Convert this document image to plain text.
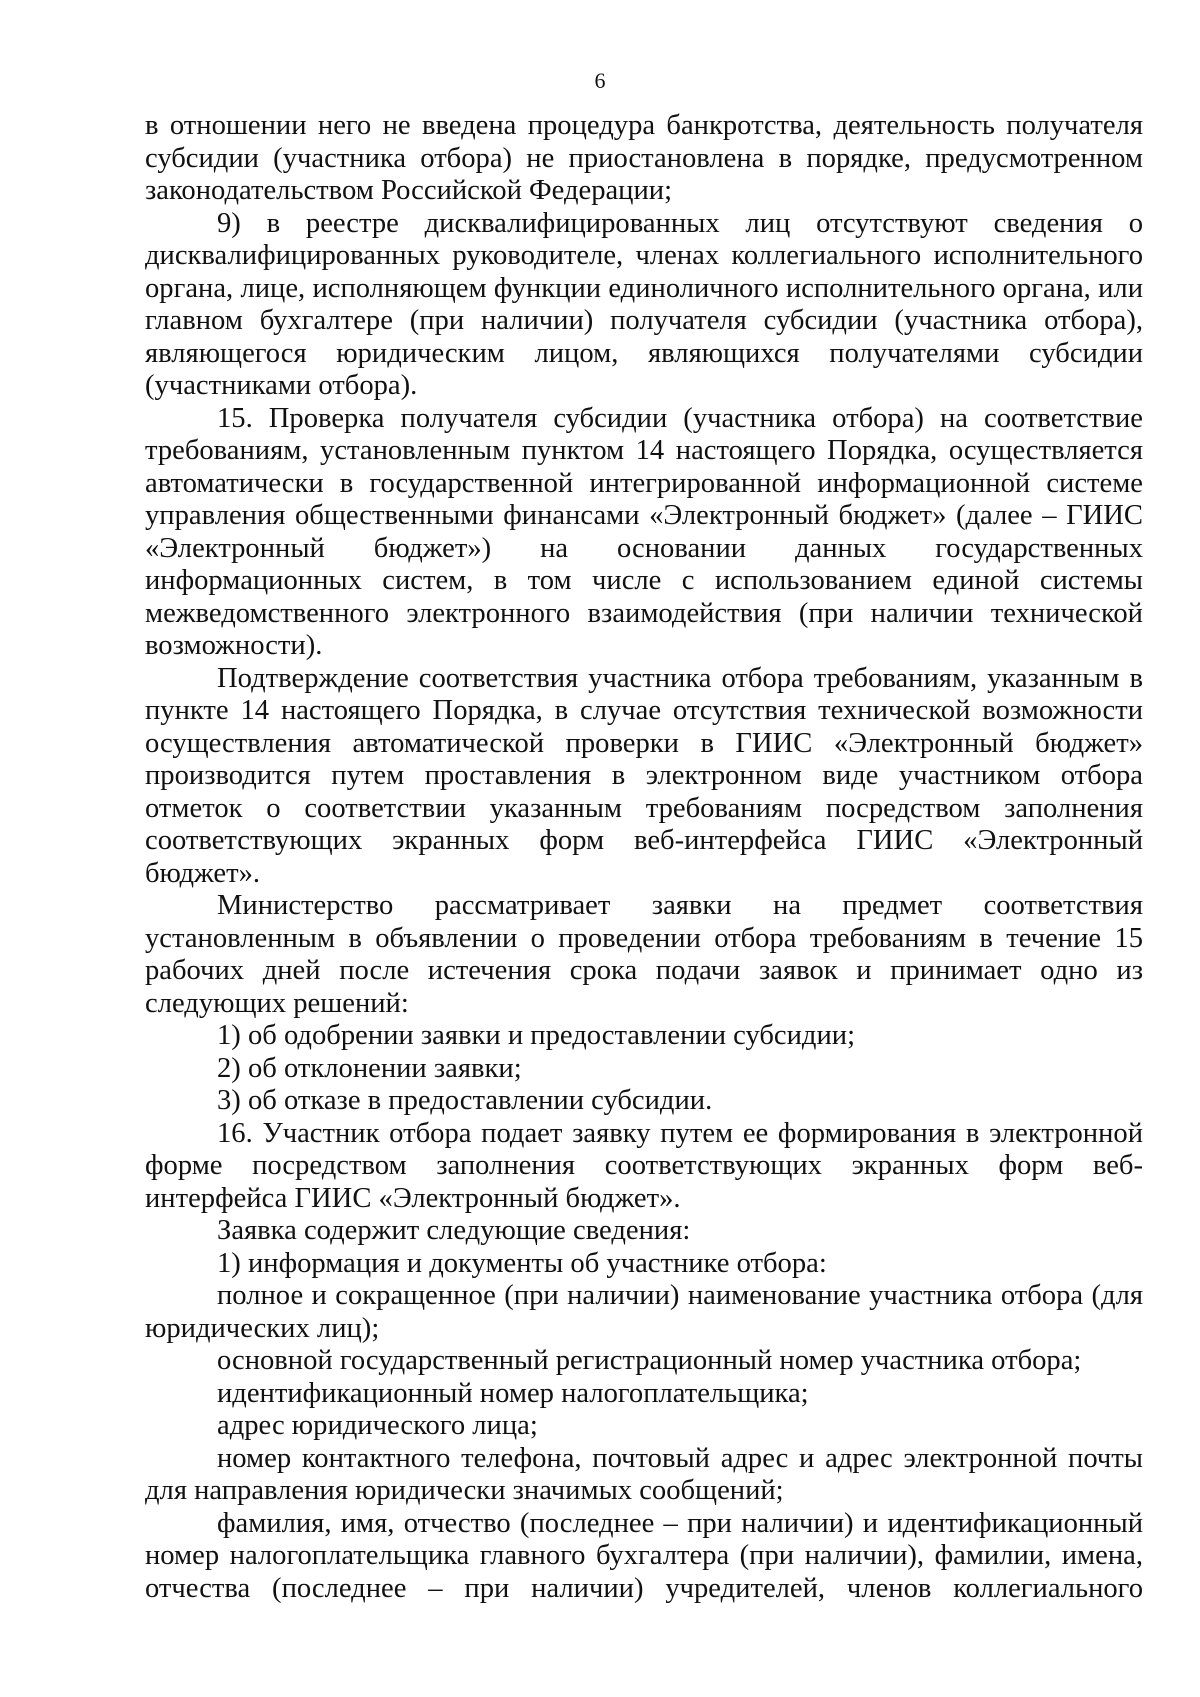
6

в отношении него не введена процедура банкротства, деятельность получателя субсидии (участника отбора) не приостановлена в порядке, предусмотренном законодательством Российской Федерации;

9) в реестре дисквалифицированных лиц отсутствуют сведения о дисквалифицированных руководителе, членах коллегиального исполнительного органа, лице, исполняющем функции единоличного исполнительного органа, или главном бухгалтере (при наличии) получателя субсидии (участника отбора), являющегося юридическим лицом, являющихся получателями субсидии (участниками отбора).

15. Проверка получателя субсидии (участника отбора) на соответствие требованиям, установленным пунктом 14 настоящего Порядка, осуществляется автоматически в государственной интегрированной информационной системе управления общественными финансами «Электронный бюджет» (далее – ГИИС «Электронный бюджет») на основании данных государственных информационных систем, в том числе с использованием единой системы межведомственного электронного взаимодействия (при наличии технической возможности).

Подтверждение соответствия участника отбора требованиям, указанным в пункте 14 настоящего Порядка, в случае отсутствия технической возможности осуществления автоматической проверки в ГИИС «Электронный бюджет» производится путем проставления в электронном виде участником отбора отметок о соответствии указанным требованиям посредством заполнения соответствующих экранных форм веб-интерфейса ГИИС «Электронный бюджет».

Министерство рассматривает заявки на предмет соответствия установленным в объявлении о проведении отбора требованиям в течение 15 рабочих дней после истечения срока подачи заявок и принимает одно из следующих решений:

1) об одобрении заявки и предоставлении субсидии;

2) об отклонении заявки;

3) об отказе в предоставлении субсидии.

16. Участник отбора подает заявку путем ее формирования в электронной форме посредством заполнения соответствующих экранных форм веб-интерфейса ГИИС «Электронный бюджет».

Заявка содержит следующие сведения:

1) информация и документы об участнике отбора:

полное и сокращенное (при наличии) наименование участника отбора (для юридических лиц);

основной государственный регистрационный номер участника отбора;

идентификационный номер налогоплательщика;

адрес юридического лица;

номер контактного телефона, почтовый адрес и адрес электронной почты для направления юридически значимых сообщений;

фамилия, имя, отчество (последнее – при наличии) и идентификационный номер налогоплательщика главного бухгалтера (при наличии), фамилии, имена, отчества (последнее – при наличии) учредителей, членов коллегиального
